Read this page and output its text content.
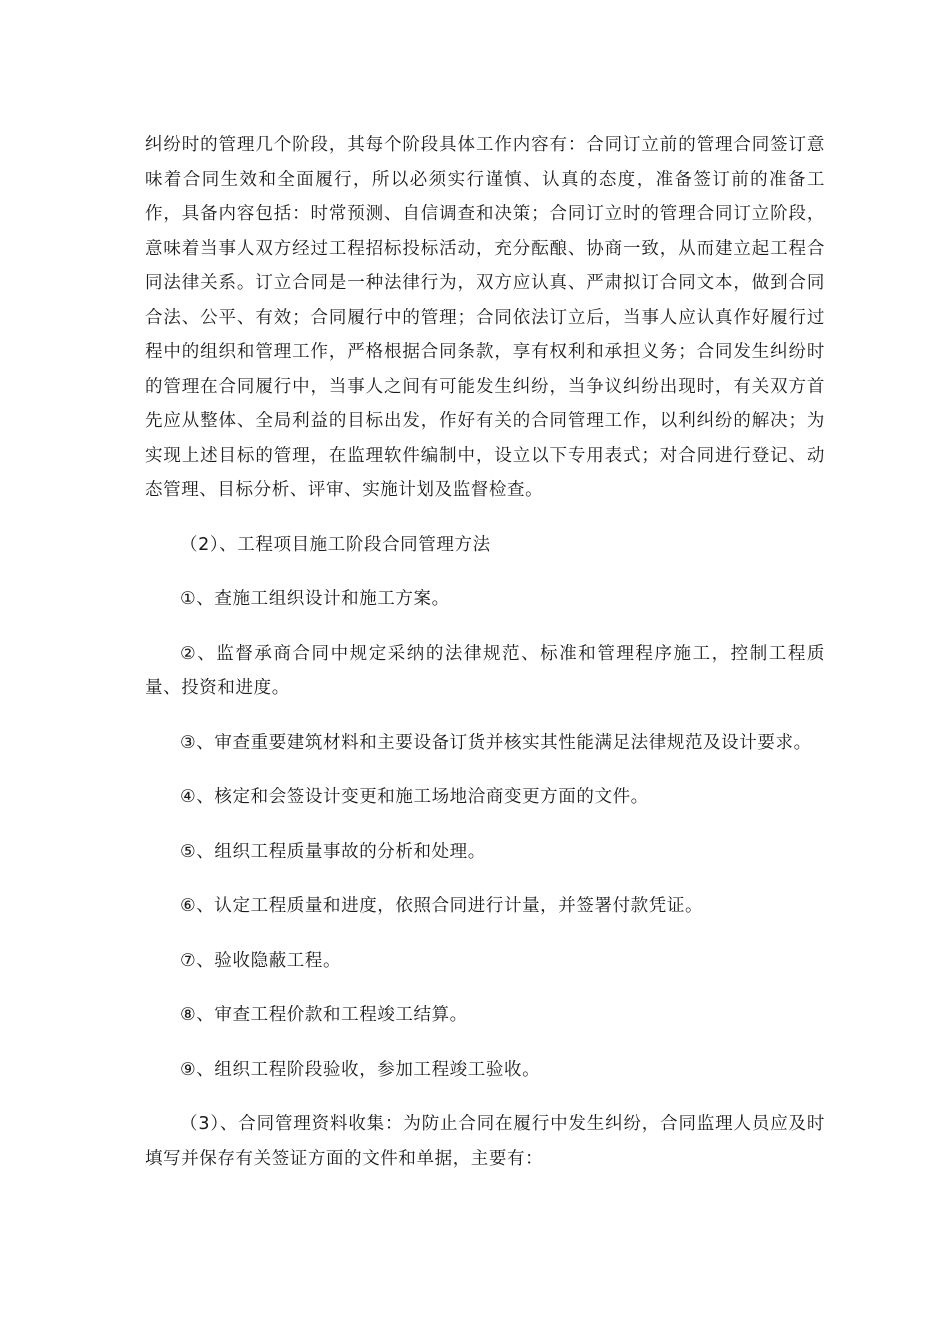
纠纷时的管理几个阶段，其每个阶段具体工作内容有：合同订立前的管理合同签订意味着合同生效和全面履行，所以必须实行谨慎、认真的态度，准备签订前的准备工作，具备内容包括：时常预测、自信调查和决策；合同订立时的管理合同订立阶段，意味着当事人双方经过工程招标投标活动，充分酝酿、协商一致，从而建立起工程合同法律关系。订立合同是一种法律行为，双方应认真、严肃拟订合同文本，做到合同合法、公平、有效；合同履行中的管理；合同依法订立后，当事人应认真作好履行过程中的组织和管理工作，严格根据合同条款，享有权利和承担义务；合同发生纠纷时的管理在合同履行中，当事人之间有可能发生纠纷，当争议纠纷出现时，有关双方首先应从整体、全局利益的目标出发，作好有关的合同管理工作，以利纠纷的解决；为实现上述目标的管理，在监理软件编制中，设立以下专用表式；对合同进行登记、动态管理、目标分析、评审、实施计划及监督检查。

（2）、工程项目施工阶段合同管理方法

①、查施工组织设计和施工方案。

②、监督承商合同中规定采纳的法律规范、标准和管理程序施工，控制工程质量、投资和进度。

③、审查重要建筑材料和主要设备订货并核实其性能满足法律规范及设计要求。

④、核定和会签设计变更和施工场地洽商变更方面的文件。

⑤、组织工程质量事故的分析和处理。

⑥、认定工程质量和进度，依照合同进行计量，并签署付款凭证。

⑦、验收隐蔽工程。

⑧、审查工程价款和工程竣工结算。

⑨、组织工程阶段验收，参加工程竣工验收。

（3）、合同管理资料收集：为防止合同在履行中发生纠纷，合同监理人员应及时填写并保存有关签证方面的文件和单据，主要有：
